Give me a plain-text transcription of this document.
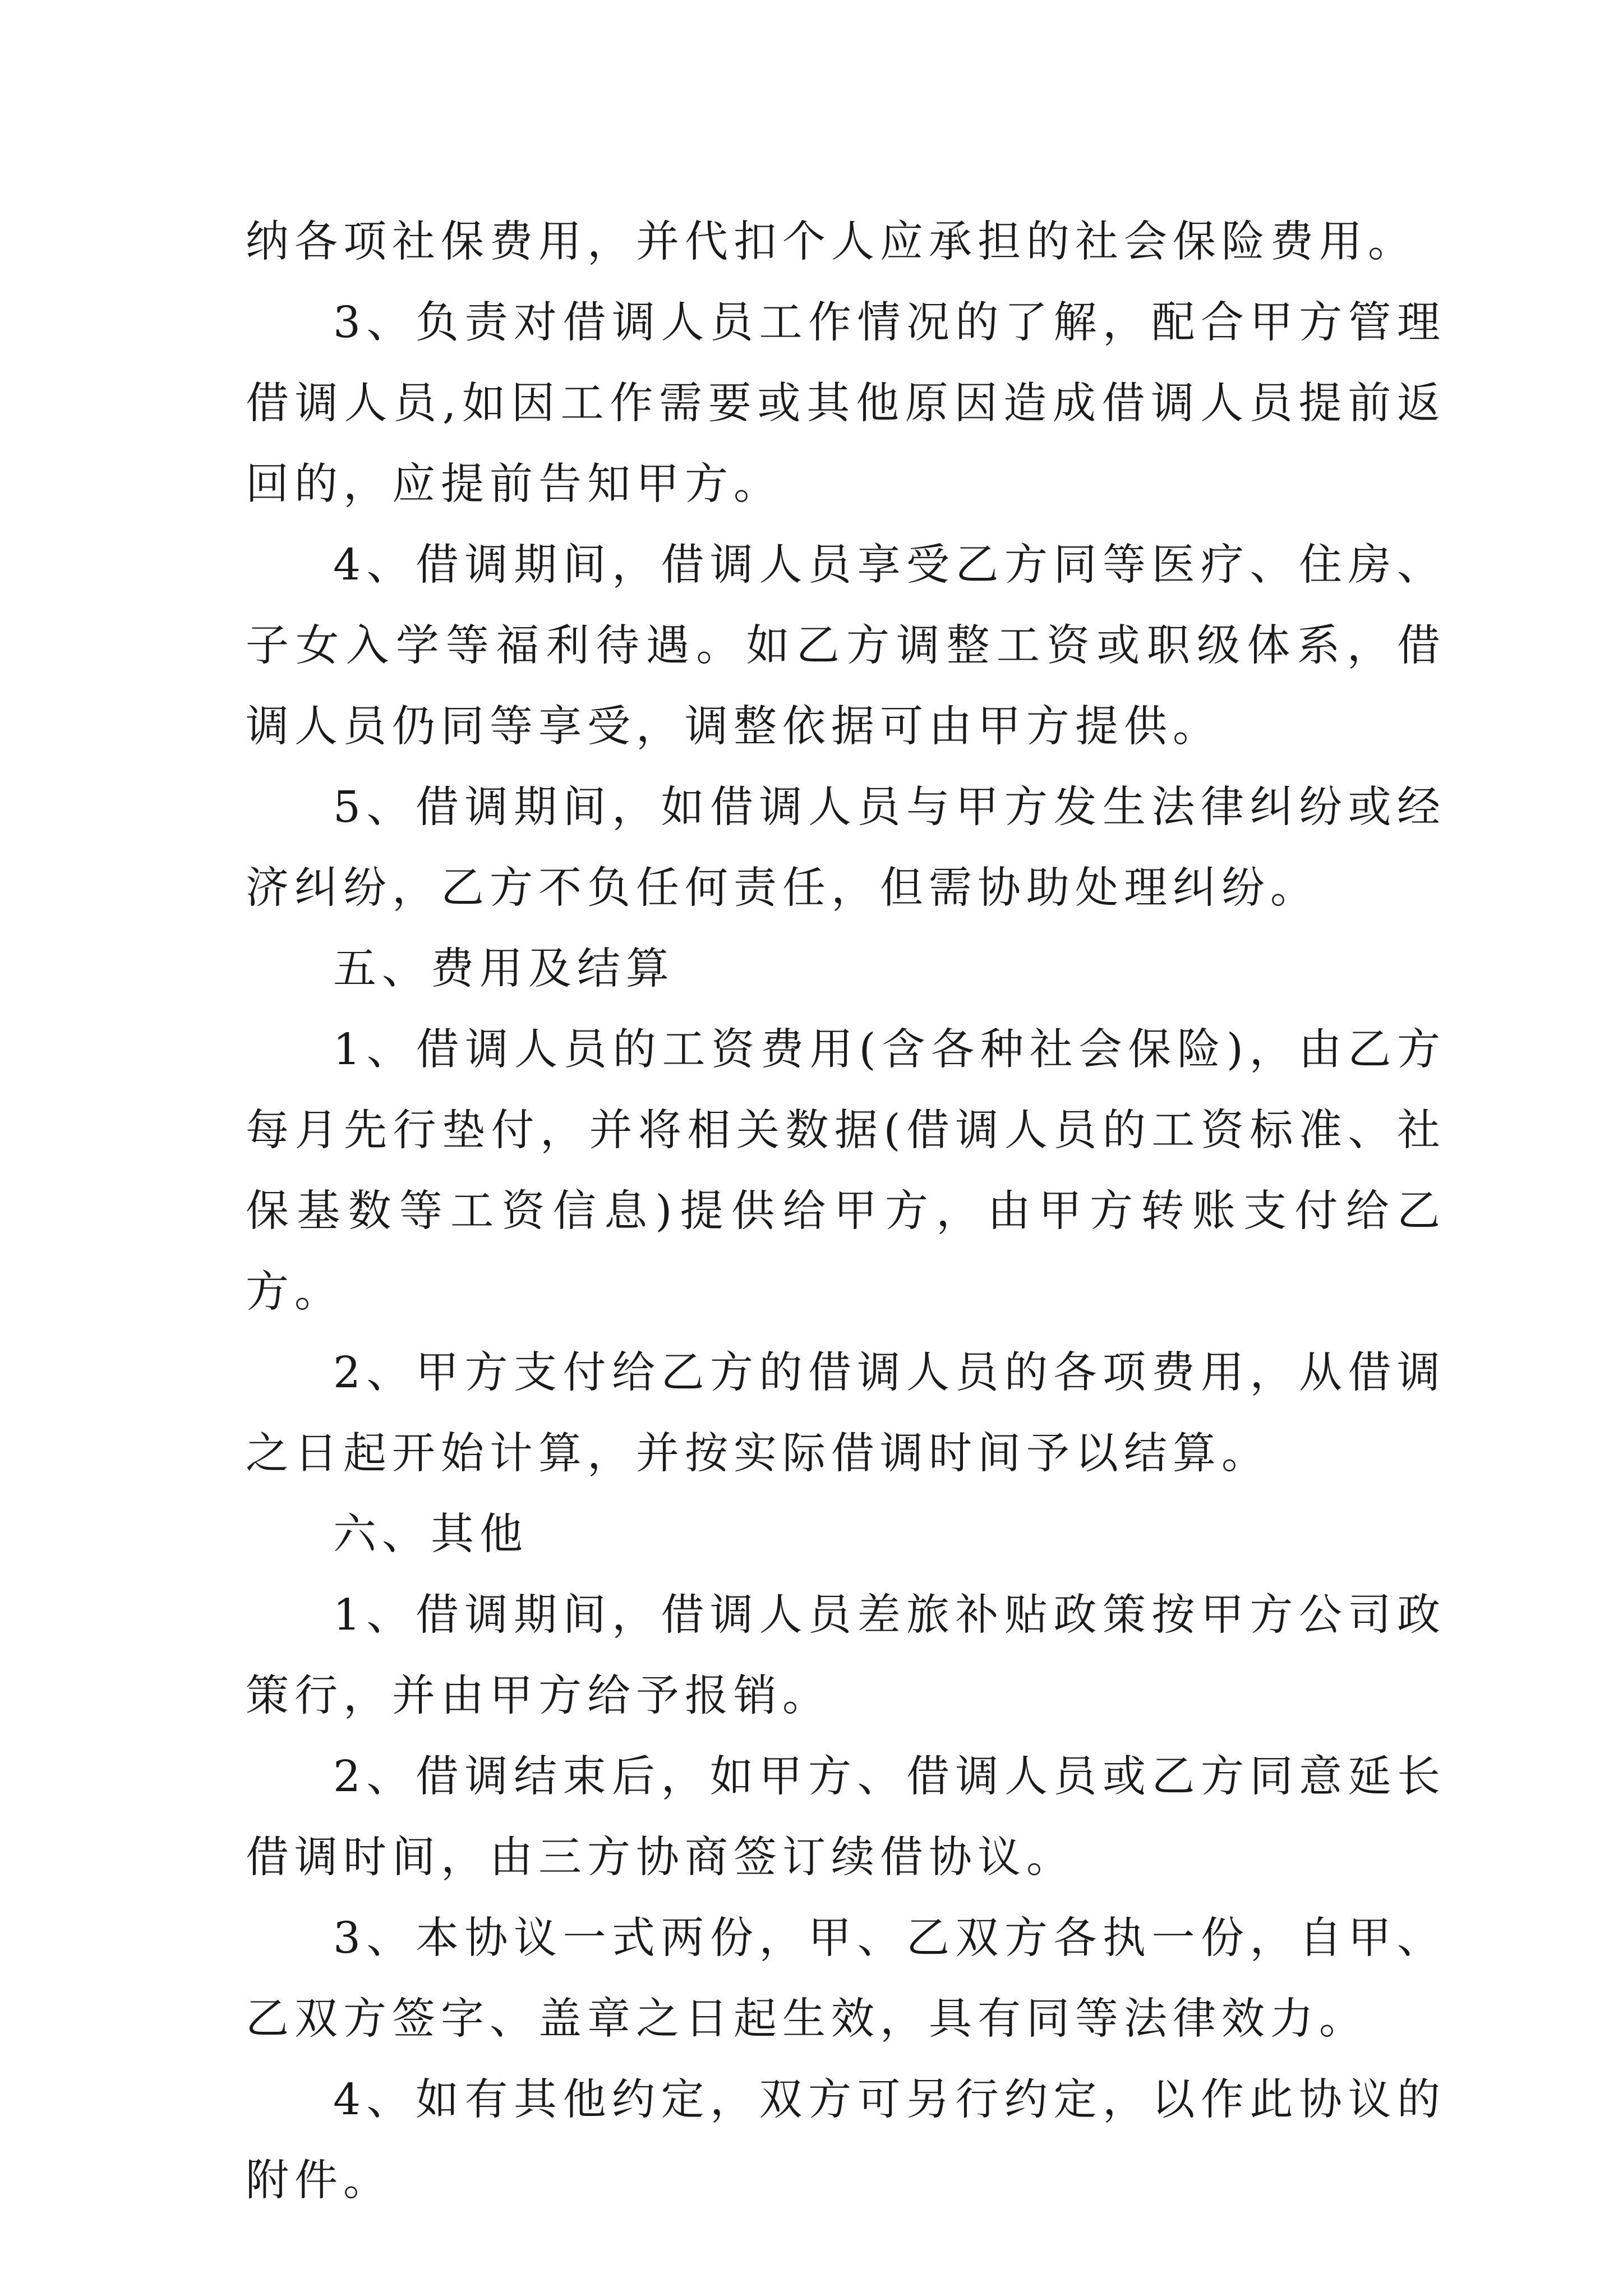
纳各项社保费用，并代扣个人应承担的社会保险费用。

3、负责对借调人员工作情况的了解，配合甲方管理借调人员,如因工作需要或其他原因造成借调人员提前返回的，应提前告知甲方。

4、借调期间，借调人员享受乙方同等医疗、住房、子女入学等福利待遇。如乙方调整工资或职级体系，借调人员仍同等享受，调整依据可由甲方提供。

5、借调期间，如借调人员与甲方发生法律纠纷或经济纠纷，乙方不负任何责任，但需协助处理纠纷。

五、费用及结算

1、借调人员的工资费用(含各种社会保险)，由乙方每月先行垫付，并将相关数据(借调人员的工资标准、社保基数等工资信息)提供给甲方，由甲方转账支付给乙方。

2、甲方支付给乙方的借调人员的各项费用，从借调之日起开始计算，并按实际借调时间予以结算。

六、其他

1、借调期间，借调人员差旅补贴政策按甲方公司政策行，并由甲方给予报销。

2、借调结束后，如甲方、借调人员或乙方同意延长借调时间，由三方协商签订续借协议。

3、本协议一式两份，甲、乙双方各执一份，自甲、乙双方签字、盖章之日起生效，具有同等法律效力。

4、如有其他约定，双方可另行约定，以作此协议的附件。
